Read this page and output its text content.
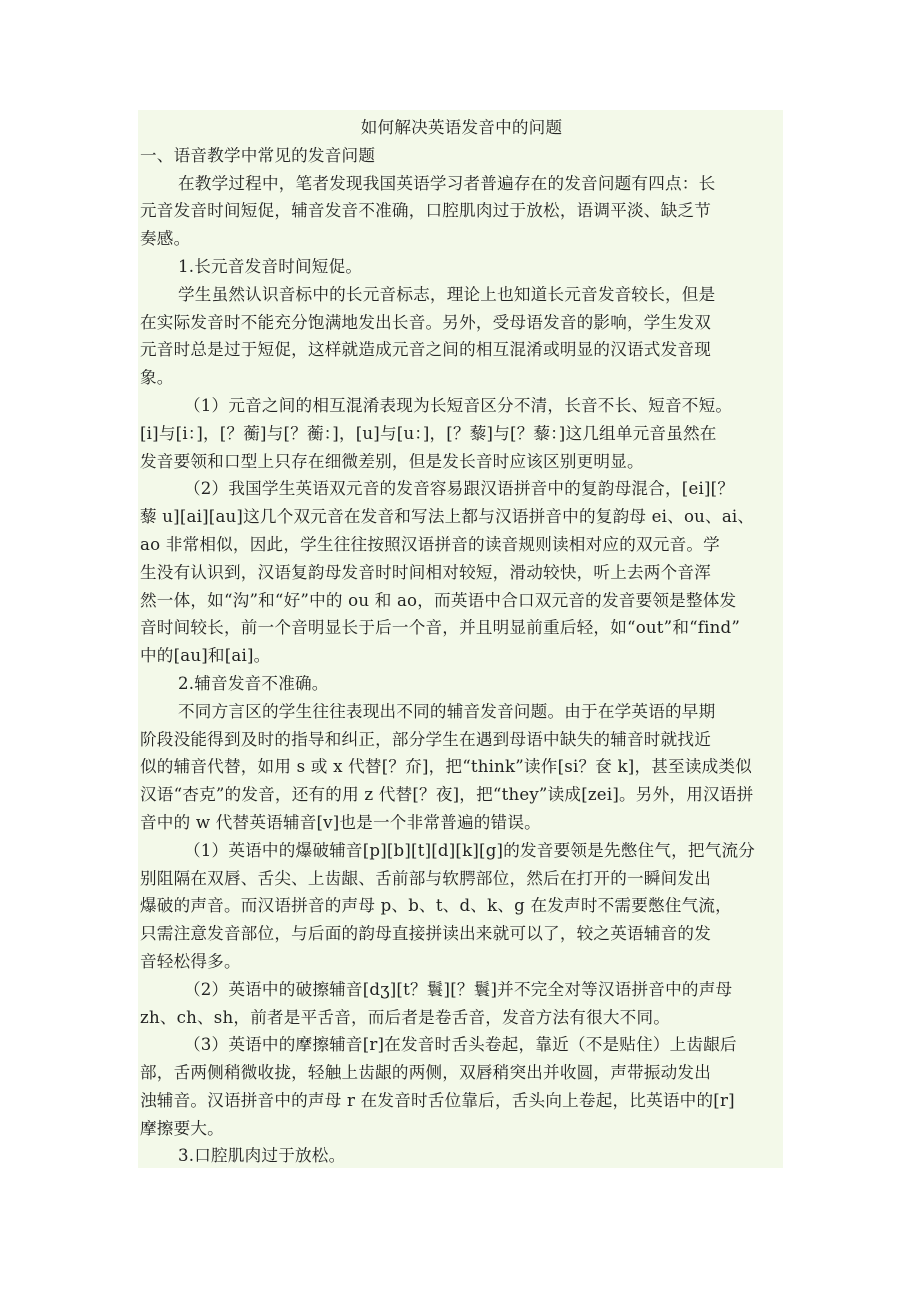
如何解决英语发音中的问题

一、语音教学中常见的发音问题

在教学过程中，笔者发现我国英语学习者普遍存在的发音问题有四点：长

元音发音时间短促，辅音发音不准确，口腔肌肉过于放松，语调平淡、缺乏节

奏感。

1.长元音发音时间短促。

学生虽然认识音标中的长元音标志，理论上也知道长元音发音较长，但是

在实际发音时不能充分饱满地发出长音。另外，受母语发音的影响，学生发双

元音时总是过于短促，这样就造成元音之间的相互混淆或明显的汉语式发音现

象。

（1）元音之间的相互混淆表现为长短音区分不清，长音不长、短音不短。

[i]与[i：]，[？蘅]与[？蘅：]，[u]与[u：]，[？藜]与[？藜：]这几组单元音虽然在

发音要领和口型上只存在细微差别，但是发长音时应该区别更明显。

（2）我国学生英语双元音的发音容易跟汉语拼音中的复韵母混合，[ei][？

藜 u][ai][au]这几个双元音在发音和写法上都与汉语拼音中的复韵母 ei、ou、ai、

ao 非常相似，因此，学生往往按照汉语拼音的读音规则读相对应的双元音。学

生没有认识到，汉语复韵母发音时时间相对较短，滑动较快，听上去两个音浑

然一体，如“沟”和“好”中的 ou 和 ao，而英语中合口双元音的发音要领是整体发

音时间较长，前一个音明显长于后一个音，并且明显前重后轻，如“out”和“find”

中的[au]和[ai]。

2.辅音发音不准确。

不同方言区的学生往往表现出不同的辅音发音问题。由于在学英语的早期

阶段没能得到及时的指导和纠正，部分学生在遇到母语中缺失的辅音时就找近

似的辅音代替，如用 s 或 x 代替[？夼]，把“think”读作[si？奁 k]，甚至读成类似

汉语“杏克”的发音，还有的用 z 代替[？夜]，把“they”读成[zei]。另外，用汉语拼

音中的 w 代替英语辅音[v]也是一个非常普遍的错误。

（1）英语中的爆破辅音[p][b][t][d][k][g]的发音要领是先憋住气，把气流分

别阻隔在双唇、舌尖、上齿龈、舌前部与软腭部位，然后在打开的一瞬间发出

爆破的声音。而汉语拼音的声母 p、b、t、d、k、g 在发声时不需要憋住气流，

只需注意发音部位，与后面的韵母直接拼读出来就可以了，较之英语辅音的发

音轻松得多。

（2）英语中的破擦辅音[dʒ][t？鬟][？鬟]并不完全对等汉语拼音中的声母

zh、ch、sh，前者是平舌音，而后者是卷舌音，发音方法有很大不同。

（3）英语中的摩擦辅音[r]在发音时舌头卷起，靠近（不是贴住）上齿龈后

部，舌两侧稍微收拢，轻触上齿龈的两侧，双唇稍突出并收圆，声带振动发出

浊辅音。汉语拼音中的声母 r 在发音时舌位靠后，舌头向上卷起，比英语中的[r]

摩擦要大。

3.口腔肌肉过于放松。
